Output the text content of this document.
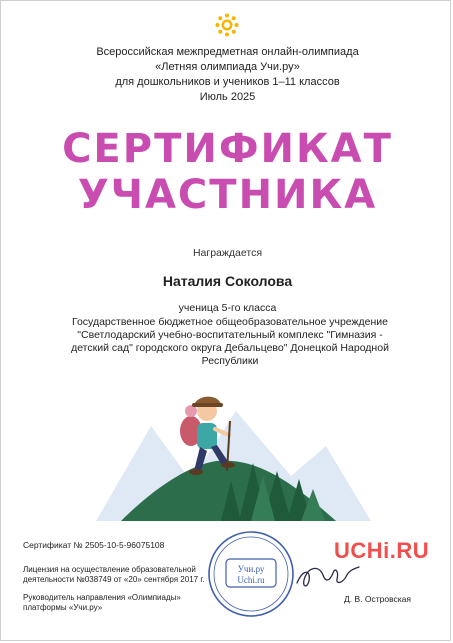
Всероссийская межпредметная онлайн-олимпиада
«Летняя олимпиада Учи.ру»
для дошкольников и учеников 1–11 классов
Июль 2025
СЕРТИФИКАТ
УЧАСТНИКА
Награждается
Наталия Соколова
ученица 5-го класса
Государственное бюджетное общеобразовательное учреждение "Светлодарский учебно-воспитательный комплекс "Гимназия - детский сад" городского округа Дебальцево" Донецкой Народной Республики
Сертификат № 2505-10-5-96075108
Лицензия на осуществление образовательной деятельности №038749 от «20» сентября 2017 г.
Руководитель направления «Олимпиады» платформы «Учи.ру»
Учи.ру
Uchi.ru
UCHi.RU
Д. В. Островская
